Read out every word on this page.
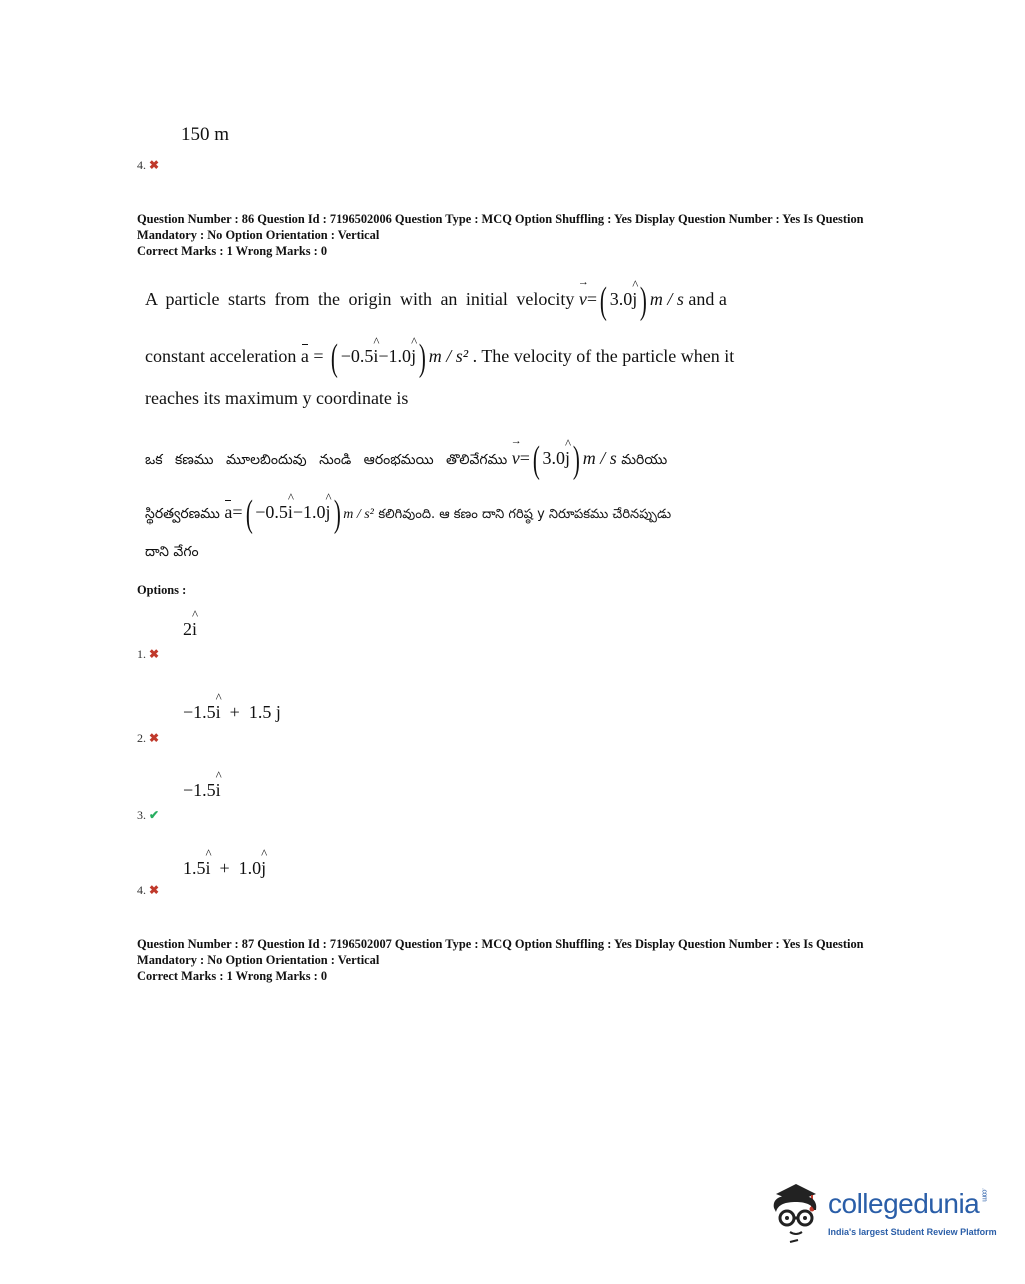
150 m
4. ✖
Question Number : 86 Question Id : 7196502006 Question Type : MCQ Option Shuffling : Yes Display Question Number : Yes Is Question
Mandatory : No Option Orientation : Vertical
Correct Marks : 1 Wrong Marks : 0
A particle starts from the origin with an initial velocity → v=( 3.0^ j) m / s and a
constant acceleration a = ( −0.5^ i−1.0^ j) m / s² . The velocity of the particle when it
reaches its maximum y coordinate is
ఒక కణము మూలబిందువు నుండి ఆరంభమయి తొలివేగము → v=( 3.0^ j) m / s మరియు
స్థిరత్వరణము a=( −0.5^ i−1.0^ j) m / s² కలిగివుంది. ఆ కణం దాని గరిష్ఠ y నిరూపకము చేరినప్పుడు
దాని వేగం
Options :
2^ i
1. ✖
−1.5^ i  +  1.5 j
2. ✖
−1.5^ i
3. ✔
1.5^ i  +  1.0^ j
4. ✖
Question Number : 87 Question Id : 7196502007 Question Type : MCQ Option Shuffling : Yes Display Question Number : Yes Is Question
Mandatory : No Option Orientation : Vertical
Correct Marks : 1 Wrong Marks : 0
collegedunia.com
India's largest Student Review Platform
